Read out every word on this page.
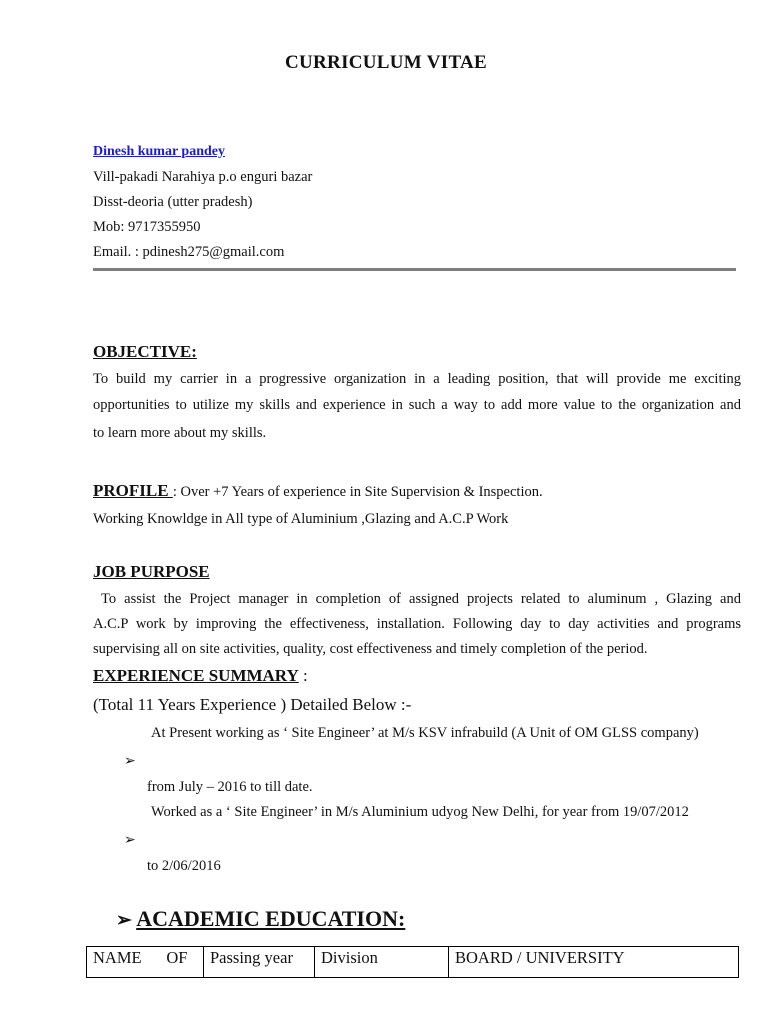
CURRICULUM VITAE
Dinesh kumar pandey
Vill-pakadi Narahiya p.o enguri bazar
Disst-deoria (utter pradesh)
Mob: 9717355950
Email. : pdinesh275@gmail.com
OBJECTIVE:
To build my carrier in a progressive organization in a leading position, that will provide me exciting
opportunities to utilize my skills and experience in such a way to add more value to the organization and
to learn more about my skills.
PROFILE : Over +7 Years of experience in Site Supervision & Inspection.
Working Knowldge in All type of Aluminium ,Glazing and A.C.P Work
JOB PURPOSE
To assist the Project manager in completion of assigned projects related to aluminum , Glazing and
A.C.P work by improving the effectiveness, installation. Following day to day activities and programs
supervising all on site activities, quality, cost effectiveness and timely completion of the period.
EXPERIENCE SUMMARY :
(Total 11 Years Experience ) Detailed Below :-
At Present working as ‘ Site Engineer’ at M/s KSV infrabuild (A Unit of OM GLSS company)
➢
from July – 2016 to till date.
Worked as a ‘ Site Engineer’ in M/s Aluminium udyog New Delhi, for year from 19/07/2012
➢
to 2/06/2016
➢ ACADEMIC EDUCATION:
NAME      OF	Passing year	Division	BOARD / UNIVERSITY
